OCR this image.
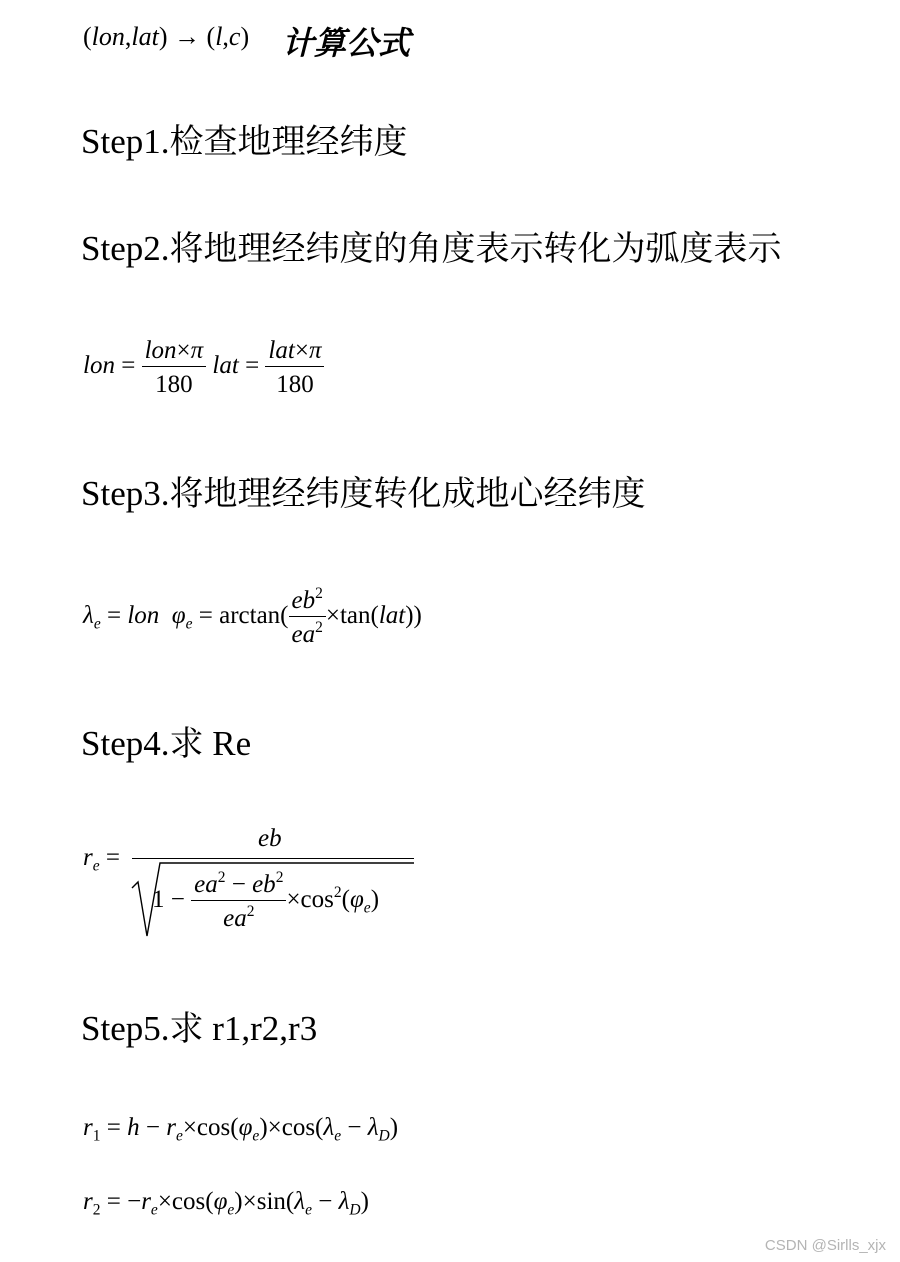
(lon,lat) → (l,c) 计算公式
Step1.检查地理经纬度
Step2.将地理经纬度的角度表示转化为弧度表示
lon = $\frac{\text{lon×π}}{180}$ lat = $\frac{\text{lat×π}}{180}$
Step3.将地理经纬度转化成地心经纬度
$\lambda_e$ = lon $\varphi_e = \arctan( \frac{eb^2}{ea^2} \times\tan(lat))$
Step4.求 Re
$r_e$ =
eb
$1 - \frac{ea^2 - eb^2}{ea^2} \times\cos^2(\varphi_e)$
Step5.求 r1,r2,r3
$r_1 = h - r_e\times\cos(\varphi_e)\times\cos(\lambda_e - \lambda_D)$
$r_2 = -r_e\times\cos(\varphi_e)\times\sin(\lambda_e - \lambda_D)$
CSDN @Sirlls_xjx
